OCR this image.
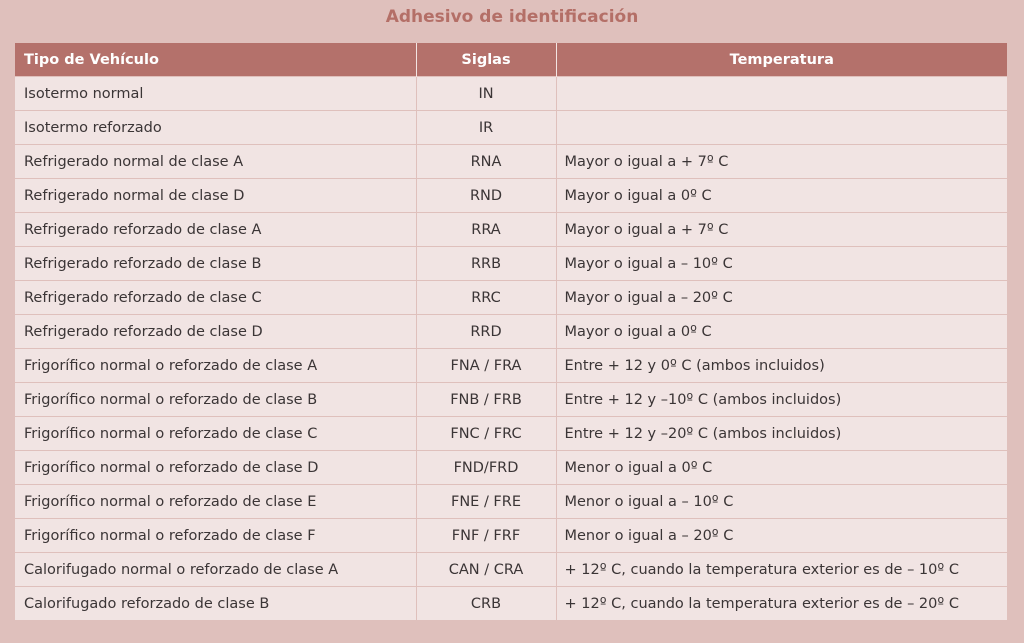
Adhesivo de identificación
Tipo de Vehículo	Siglas	Temperatura
Isotermo normal	IN	
Isotermo reforzado	IR	
Refrigerado normal de clase A	RNA	Mayor o igual a + 7º C
Refrigerado normal de clase D	RND	Mayor o igual a 0º C
Refrigerado reforzado de clase A	RRA	Mayor o igual a + 7º C
Refrigerado reforzado de clase B	RRB	Mayor o igual a – 10º C
Refrigerado reforzado de clase C	RRC	Mayor o igual a – 20º C
Refrigerado reforzado de clase D	RRD	Mayor o igual a 0º C
Frigorífico normal o reforzado de clase A	FNA / FRA	Entre + 12 y 0º C (ambos incluidos)
Frigorífico normal o reforzado de clase B	FNB / FRB	Entre + 12 y –10º C (ambos incluidos)
Frigorífico normal o reforzado de clase C	FNC / FRC	Entre + 12 y –20º C (ambos incluidos)
Frigorífico normal o reforzado de clase D	FND/FRD	Menor o igual a 0º C
Frigorífico normal o reforzado de clase E	FNE / FRE	Menor o igual a – 10º C
Frigorífico normal o reforzado de clase F	FNF / FRF	Menor o igual a – 20º C
Calorifugado normal o reforzado de clase A	CAN / CRA	+ 12º C, cuando la temperatura exterior es de – 10º C
Calorifugado reforzado de clase B	CRB	+ 12º C, cuando la temperatura exterior es de – 20º C
